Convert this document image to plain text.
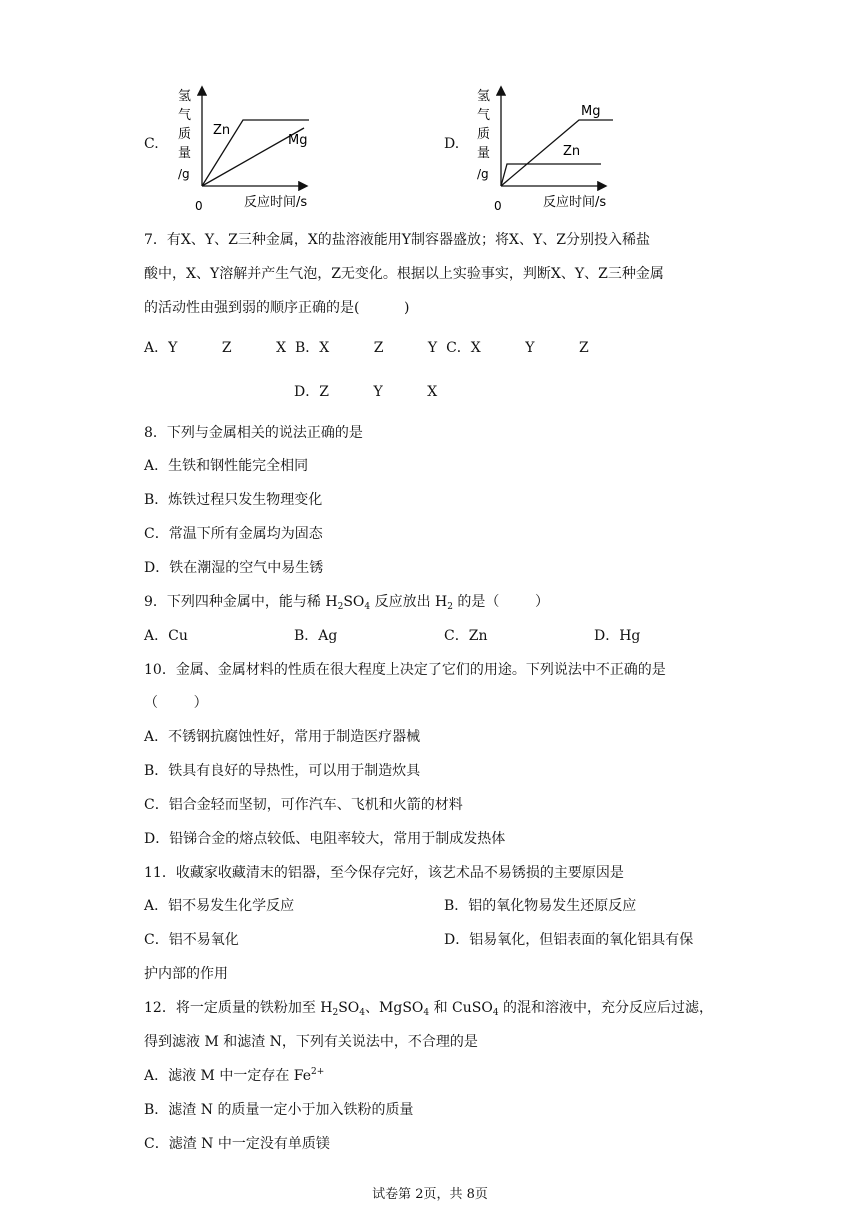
C.
氢
气
质
量
/g
Zn
Mg
0	反应时间/s
D.
氢
气
质
量
/g
Mg
Zn
0	反应时间/s
7．有X、Y、Z三种金属，X的盐溶液能用Y制容器盛放；将X、Y、Z分别投入稀盐
酸中，X、Y溶解并产生气泡，Z无变化。根据以上实验事实，判断X、Y、Z三种金属
的活动性由强到弱的顺序正确的是(          )
A．Y          Z          X  B．X          Z          Y  C．X          Y          Z
D．Z          Y          X
8．下列与金属相关的说法正确的是
A．生铁和钢性能完全相同
B．炼铁过程只发生物理变化
C．常温下所有金属均为固态
D．铁在潮湿的空气中易生锈
9．下列四种金属中，能与稀 $H_2SO_4$ 反应放出 $H_2$ 的是（        ）
A．Cu	B．Ag	C．Zn	D．Hg
10．金属、金属材料的性质在很大程度上决定了它们的用途。下列说法中不正确的是
（        ）
A．不锈钢抗腐蚀性好，常用于制造医疗器械
B．铁具有良好的导热性，可以用于制造炊具
C．铝合金轻而坚韧，可作汽车、飞机和火箭的材料
D．铅锑合金的熔点较低、电阻率较大，常用于制成发热体
11．收藏家收藏清末的铝器，至今保存完好，该艺术品不易锈损的主要原因是
A．铝不易发生化学反应	B．铝的氧化物易发生还原反应
C．铝不易氧化	D．铝易氧化，但铝表面的氧化铝具有保
护内部的作用
12．将一定质量的铁粉加至 $H_2SO_4$、MgSO$_4$ 和 CuSO$_4$ 的混和溶液中，充分反应后过滤，
得到滤液 M 和滤渣 N，下列有关说法中，不合理的是
A．滤液 M 中一定存在 $Fe^{2+}$
B．滤渣 N 的质量一定小于加入铁粉的质量
C．滤渣 N 中一定没有单质镁
试卷第 2页，共 8页
